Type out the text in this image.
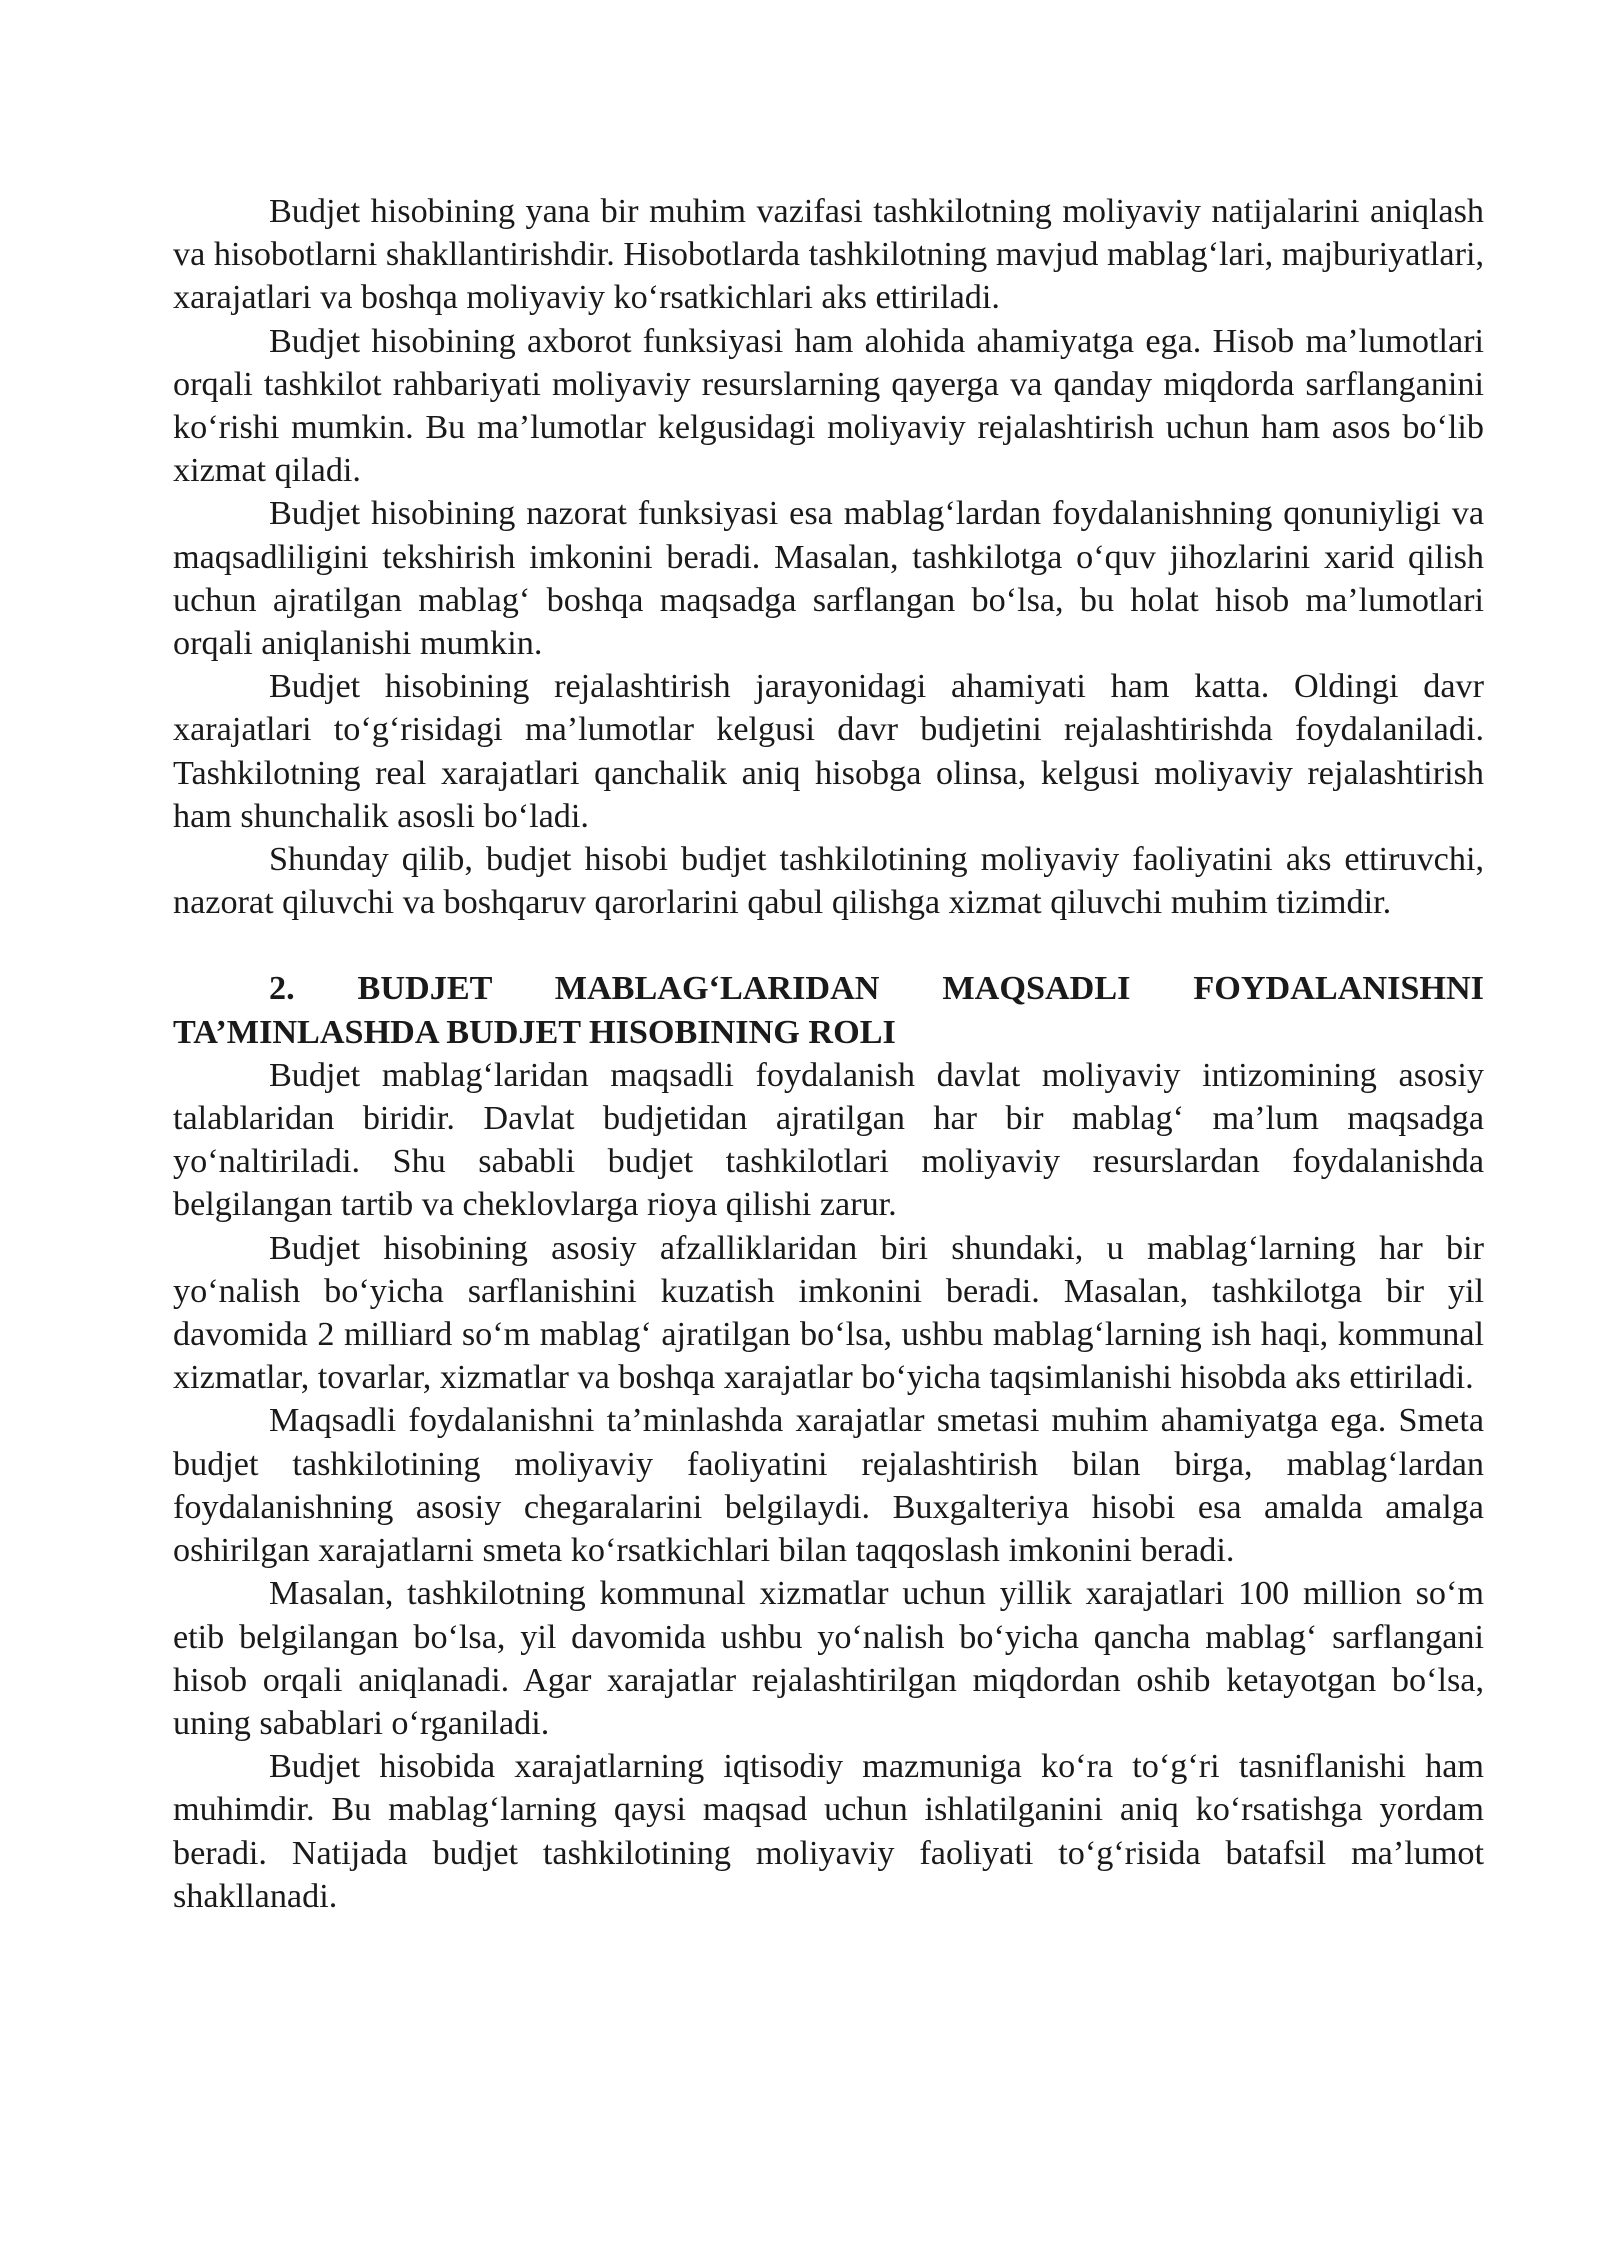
Budjet hisobining yana bir muhim vazifasi tashkilotning moliyaviy natijalarini aniqlash va hisobotlarni shakllantirishdir. Hisobotlarda tashkilotning mavjud mablag‘lari, majburiyatlari, xarajatlari va boshqa moliyaviy ko‘rsatkichlari aks ettiriladi.

Budjet hisobining axborot funksiyasi ham alohida ahamiyatga ega. Hisob ma’lumotlari orqali tashkilot rahbariyati moliyaviy resurslarning qayerga va qanday miqdorda sarflanganini ko‘rishi mumkin. Bu ma’lumotlar kelgusidagi moliyaviy rejalashtirish uchun ham asos bo‘lib xizmat qiladi.

Budjet hisobining nazorat funksiyasi esa mablag‘lardan foydalanishning qonuniyligi va maqsadliligini tekshirish imkonini beradi. Masalan, tashkilotga o‘quv jihozlarini xarid qilish uchun ajratilgan mablag‘ boshqa maqsadga sarflangan bo‘lsa, bu holat hisob ma’lumotlari orqali aniqlanishi mumkin.

Budjet hisobining rejalashtirish jarayonidagi ahamiyati ham katta. Oldingi davr xarajatlari to‘g‘risidagi ma’lumotlar kelgusi davr budjetini rejalashtirishda foydalaniladi. Tashkilotning real xarajatlari qanchalik aniq hisobga olinsa, kelgusi moliyaviy rejalashtirish ham shunchalik asosli bo‘ladi.

Shunday qilib, budjet hisobi budjet tashkilotining moliyaviy faoliyatini aks ettiruvchi, nazorat qiluvchi va boshqaruv qarorlarini qabul qilishga xizmat qiluvchi muhim tizimdir.

2. BUDJET MABLAG‘LARIDAN MAQSADLI FOYDALANISHNI TA’MINLASHDA BUDJET HISOBINING ROLI

Budjet mablag‘laridan maqsadli foydalanish davlat moliyaviy intizomining asosiy talablaridan biridir. Davlat budjetidan ajratilgan har bir mablag‘ ma’lum maqsadga yo‘naltiriladi. Shu sababli budjet tashkilotlari moliyaviy resurslardan foydalanishda belgilangan tartib va cheklovlarga rioya qilishi zarur.

Budjet hisobining asosiy afzalliklaridan biri shundaki, u mablag‘larning har bir yo‘nalish bo‘yicha sarflanishini kuzatish imkonini beradi. Masalan, tashkilotga bir yil davomida 2 milliard so‘m mablag‘ ajratilgan bo‘lsa, ushbu mablag‘larning ish haqi, kommunal xizmatlar, tovarlar, xizmatlar va boshqa xarajatlar bo‘yicha taqsimlanishi hisobda aks ettiriladi.

Maqsadli foydalanishni ta’minlashda xarajatlar smetasi muhim ahamiyatga ega. Smeta budjet tashkilotining moliyaviy faoliyatini rejalashtirish bilan birga, mablag‘lardan foydalanishning asosiy chegaralarini belgilaydi. Buxgalteriya hisobi esa amalda amalga oshirilgan xarajatlarni smeta ko‘rsatkichlari bilan taqqoslash imkonini beradi.

Masalan, tashkilotning kommunal xizmatlar uchun yillik xarajatlari 100 million so‘m etib belgilangan bo‘lsa, yil davomida ushbu yo‘nalish bo‘yicha qancha mablag‘ sarflangani hisob orqali aniqlanadi. Agar xarajatlar rejalashtirilgan miqdordan oshib ketayotgan bo‘lsa, uning sabablari o‘rganiladi.

Budjet hisobida xarajatlarning iqtisodiy mazmuniga ko‘ra to‘g‘ri tasniflanishi ham muhimdir. Bu mablag‘larning qaysi maqsad uchun ishlatilganini aniq ko‘rsatishga yordam beradi. Natijada budjet tashkilotining moliyaviy faoliyati to‘g‘risida batafsil ma’lumot shakllanadi.
